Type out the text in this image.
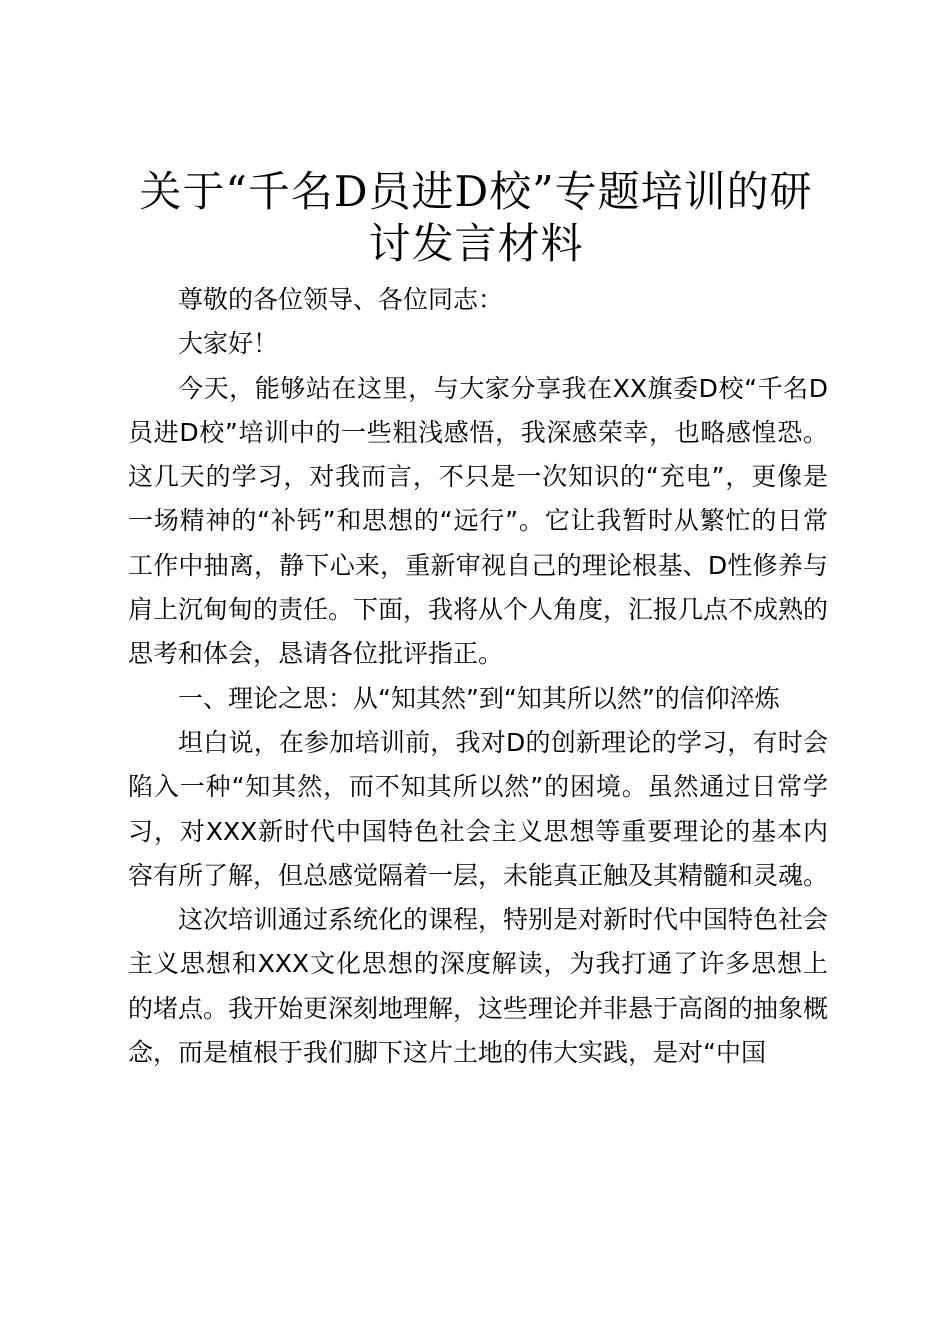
关于“千名D员进D校”专题培训的研讨发言材料

尊敬的各位领导、各位同志：

大家好！

今天，能够站在这里，与大家分享我在XX旗委D校“千名D员进D校”培训中的一些粗浅感悟，我深感荣幸，也略感惶恐。这几天的学习，对我而言，不只是一次知识的“充电”，更像是一场精神的“补钙”和思想的“远行”。它让我暂时从繁忙的日常工作中抽离，静下心来，重新审视自己的理论根基、D性修养与肩上沉甸甸的责任。下面，我将从个人角度，汇报几点不成熟的思考和体会，恳请各位批评指正。

一、理论之思：从“知其然”到“知其所以然”的信仰淬炼

坦白说，在参加培训前，我对D的创新理论的学习，有时会陷入一种“知其然，而不知其所以然”的困境。虽然通过日常学习，对XXX新时代中国特色社会主义思想等重要理论的基本内容有所了解，但总感觉隔着一层，未能真正触及其精髓和灵魂。

这次培训通过系统化的课程，特别是对新时代中国特色社会主义思想和XXX文化思想的深度解读，为我打通了许多思想上的堵点。我开始更深刻地理解，这些理论并非悬于高阁的抽象概念，而是植根于我们脚下这片土地的伟大实践，是对“中国
